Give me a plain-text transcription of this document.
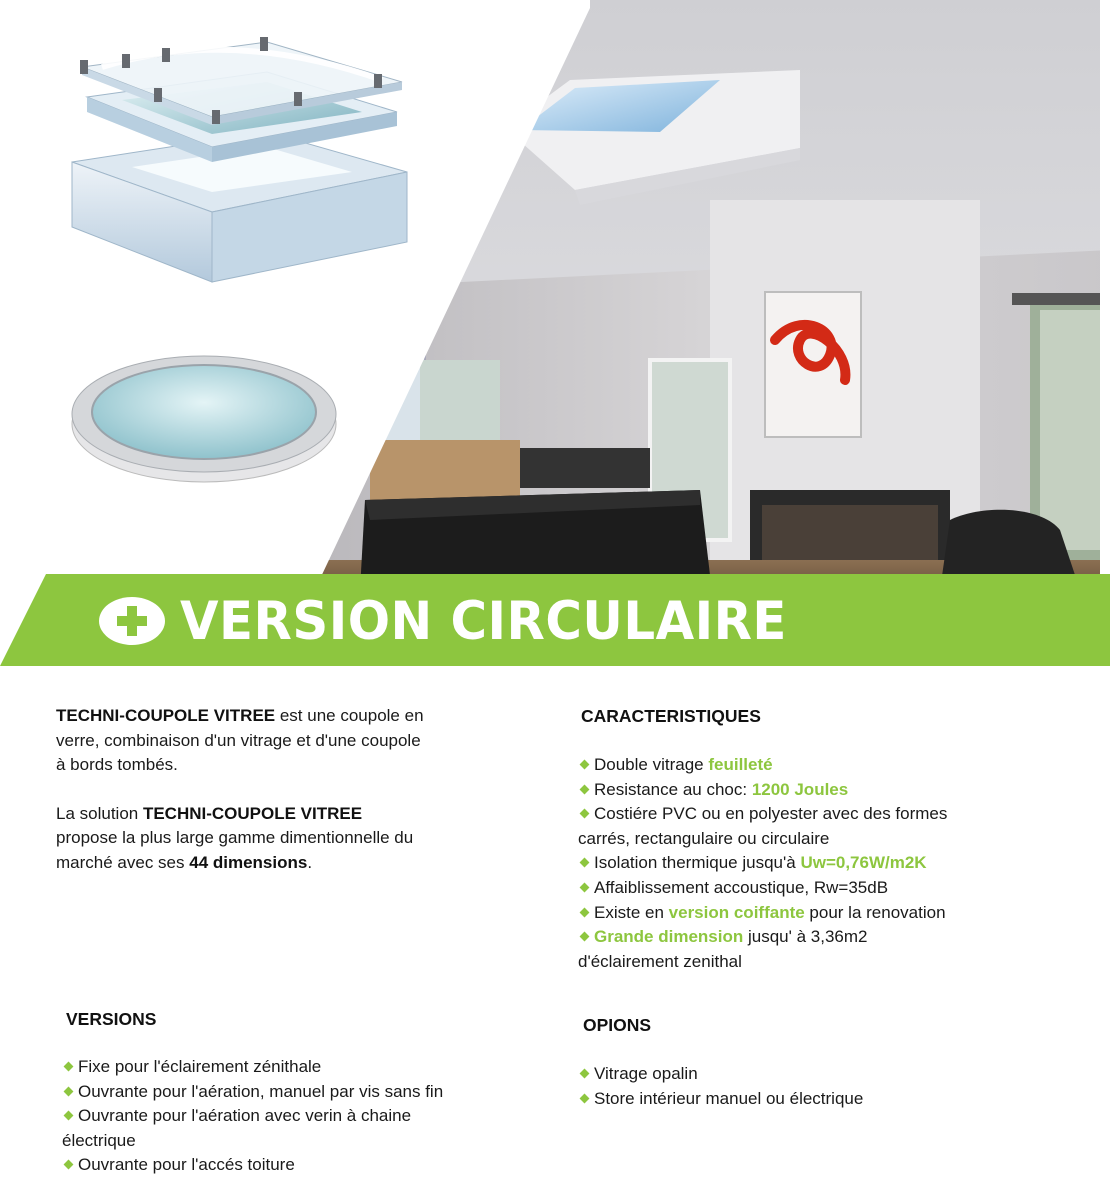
VERSION CIRCULAIRE

TECHNI-COUPOLE VITREE est une coupole en
verre, combinaison d'un vitrage et d'une coupole
à bords tombés.

La solution TECHNI-COUPOLE VITREE
propose la plus large gamme dimentionnelle du
marché avec ses 44 dimensions.

CARACTERISTIQUES
Double vitrage feuilleté
Resistance au choc: 1200 Joules
Costiére PVC ou en polyester avec des formes
carrés, rectangulaire ou circulaire
Isolation thermique jusqu'à Uw=0,76W/m2K
Affaiblissement accoustique, Rw=35dB
Existe en version coiffante pour la renovation
Grande dimension jusqu' à 3,36m2
d'éclairement zenithal
VERSIONS
Fixe pour l'éclairement zénithale
Ouvrante pour l'aération, manuel par vis sans fin
Ouvrante pour l'aération avec verin à chaine
électrique
Ouvrante pour l'accés toiture
OPIONS
Vitrage opalin
Store intérieur manuel ou électrique
